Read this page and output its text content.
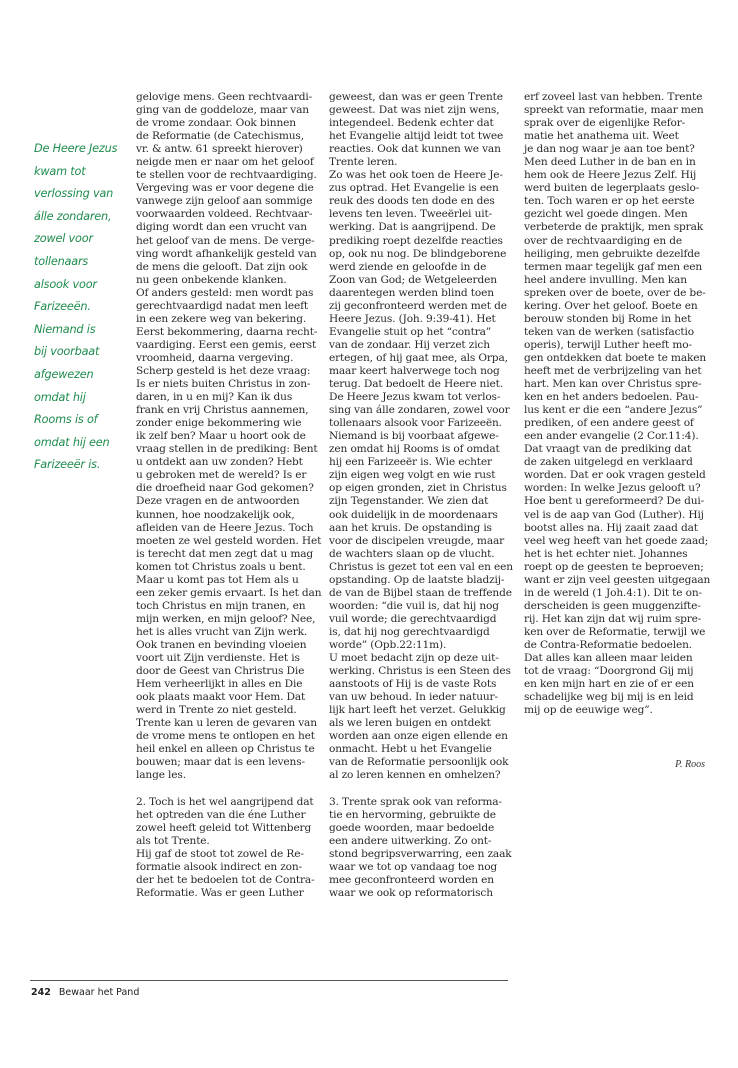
De Heere Jezus
kwam tot
verlossing van
álle zondaren,
zowel voor
tollenaars
alsook voor
Farizeeën.
Niemand is
bij voorbaat
afgewezen
omdat hij
Rooms is of
omdat hij een
Farizeeër is.
gelovige mens. Geen rechtvaardi-
ging van de goddeloze, maar van
de vrome zondaar. Ook binnen
de Reformatie (de Catechismus,
vr. & antw. 61 spreekt hierover)
neigde men er naar om het geloof
te stellen voor de rechtvaardiging.
Vergeving was er voor degene die
vanwege zijn geloof aan sommige
voorwaarden voldeed. Rechtvaar-
diging wordt dan een vrucht van
het geloof van de mens. De verge-
ving wordt afhankelijk gesteld van
de mens die gelooft. Dat zijn ook
nu geen onbekende klanken.
Of anders gesteld: men wordt pas
gerechtvaardigd nadat men leeft
in een zekere weg van bekering.
Eerst bekommering, daarna recht-
vaardiging. Eerst een gemis, eerst
vroomheid, daarna vergeving.
Scherp gesteld is het deze vraag:
Is er niets buiten Christus in zon-
daren, in u en mij? Kan ik dus
frank en vrij Christus aannemen,
zonder enige bekommering wie
ik zelf ben? Maar u hoort ook de
vraag stellen in de prediking: Bent
u ontdekt aan uw zonden? Hebt
u gebroken met de wereld? Is er
die droefheid naar God gekomen?
Deze vragen en de antwoorden
kunnen, hoe noodzakelijk ook,
afleiden van de Heere Jezus. Toch
moeten ze wel gesteld worden. Het
is terecht dat men zegt dat u mag
komen tot Christus zoals u bent.
Maar u komt pas tot Hem als u
een zeker gemis ervaart. Is het dan
toch Christus en mijn tranen, en
mijn werken, en mijn geloof? Nee,
het is alles vrucht van Zijn werk.
Ook tranen en bevinding vloeien
voort uit Zijn verdienste. Het is
door de Geest van Christrus Die
Hem verheerlijkt in alles en Die
ook plaats maakt voor Hem. Dat
werd in Trente zo niet gesteld.
Trente kan u leren de gevaren van
de vrome mens te ontlopen en het
heil enkel en alleen op Christus te
bouwen; maar dat is een levens-
lange les.
2. Toch is het wel aangrijpend dat
het optreden van die éne Luther
zowel heeft geleid tot Wittenberg
als tot Trente.
Hij gaf de stoot tot zowel de Re-
formatie alsook indirect en zon-
der het te bedoelen tot de Contra-
Reformatie. Was er geen Luther
geweest, dan was er geen Trente
geweest. Dat was niet zijn wens,
integendeel. Bedenk echter dat
het Evangelie altijd leidt tot twee
reacties. Ook dat kunnen we van
Trente leren.
Zo was het ook toen de Heere Je-
zus optrad. Het Evangelie is een
reuk des doods ten dode en des
levens ten leven. Tweeërlei uit-
werking. Dat is aangrijpend. De
prediking roept dezelfde reacties
op, ook nu nog. De blindgeborene
werd ziende en geloofde in de
Zoon van God; de Wetgeleerden
daarentegen werden blind toen
zij geconfronteerd werden met de
Heere Jezus. (Joh. 9:39-41). Het
Evangelie stuit op het “contra”
van de zondaar. Hij verzet zich
ertegen, of hij gaat mee, als Orpa,
maar keert halverwege toch nog
terug. Dat bedoelt de Heere niet.
De Heere Jezus kwam tot verlos-
sing van álle zondaren, zowel voor
tollenaars alsook voor Farizeeën.
Niemand is bij voorbaat afgewe-
zen omdat hij Rooms is of omdat
hij een Farizeeër is. Wie echter
zijn eigen weg volgt en wie rust
op eigen gronden, ziet in Christus
zijn Tegenstander. We zien dat
ook duidelijk in de moordenaars
aan het kruis. De opstanding is
voor de discipelen vreugde, maar
de wachters slaan op de vlucht.
Christus is gezet tot een val en een
opstanding. Op de laatste bladzij-
de van de Bijbel staan de treffende
woorden: “die vuil is, dat hij nog
vuil worde; die gerechtvaardigd
is, dat hij nog gerechtvaardigd
worde” (Opb.22:11m).
U moet bedacht zijn op deze uit-
werking. Christus is een Steen des
aanstoots of Hij is de vaste Rots
van uw behoud. In ieder natuur-
lijk hart leeft het verzet. Gelukkig
als we leren buigen en ontdekt
worden aan onze eigen ellende en
onmacht. Hebt u het Evangelie
van de Reformatie persoonlijk ook
al zo leren kennen en omhelzen?
3. Trente sprak ook van reforma-
tie en hervorming, gebruikte de
goede woorden, maar bedoelde
een andere uitwerking. Zo ont-
stond begripsverwarring, een zaak
waar we tot op vandaag toe nog
mee geconfronteerd worden en
waar we ook op reformatorisch
erf zoveel last van hebben. Trente
spreekt van reformatie, maar men
sprak over de eigenlijke Refor-
matie het anathema uit. Weet
je dan nog waar je aan toe bent?
Men deed Luther in de ban en in
hem ook de Heere Jezus Zelf. Hij
werd buiten de legerplaats geslo-
ten. Toch waren er op het eerste
gezicht wel goede dingen. Men
verbeterde de praktijk, men sprak
over de rechtvaardiging en de
heiliging, men gebruikte dezelfde
termen maar tegelijk gaf men een
heel andere invulling. Men kan
spreken over de boete, over de be-
kering. Over het geloof. Boete en
berouw stonden bij Rome in het
teken van de werken (satisfactio
operis), terwijl Luther heeft mo-
gen ontdekken dat boete te maken
heeft met de verbrijzeling van het
hart. Men kan over Christus spre-
ken en het anders bedoelen. Pau-
lus kent er die een “andere Jezus”
prediken, of een andere geest of
een ander evangelie (2 Cor.11:4).
Dat vraagt van de prediking dat
de zaken uitgelegd en verklaard
worden. Dat er ook vragen gesteld
worden: In welke Jezus gelooft u?
Hoe bent u gereformeerd? De dui-
vel is de aap van God (Luther). Hij
bootst alles na. Hij zaait zaad dat
veel weg heeft van het goede zaad;
het is het echter niet. Johannes
roept op de geesten te beproeven;
want er zijn veel geesten uitgegaan
in de wereld (1 Joh.4:1). Dit te on-
derscheiden is geen muggenzifte-
rij. Het kan zijn dat wij ruim spre-
ken over de Reformatie, terwijl we
de Contra-Reformatie bedoelen.
Dat alles kan alleen maar leiden
tot de vraag: “Doorgrond Gij mij
en ken mijn hart en zie of er een
schadelijke weg bij mij is en leid
mij op de eeuwige weg”.
P. Roos
242 Bewaar het Pand
